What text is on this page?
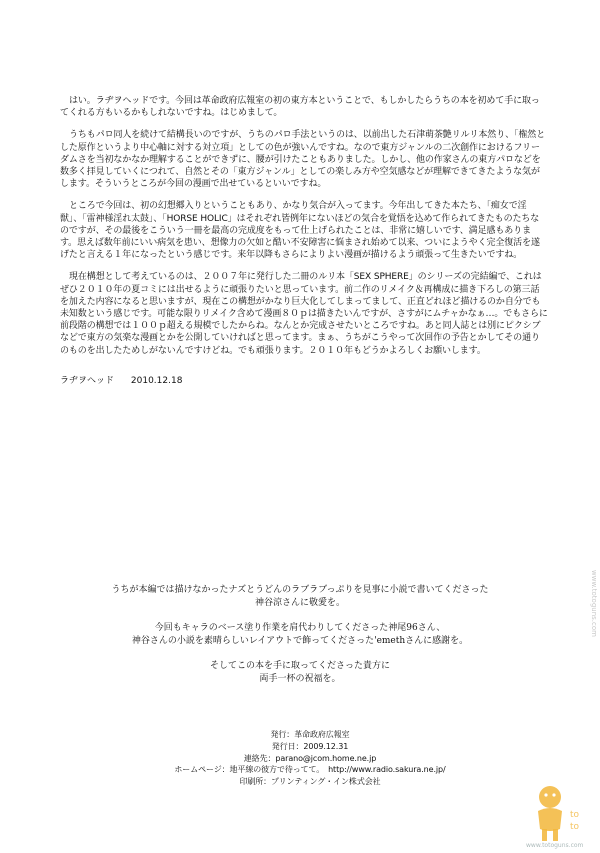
はい。ラヂヲヘッドです。今回は革命政府広報室の初の東方本ということで、もしかしたらうちの本を初めて手に取ってくれる方もいるかもしれないですね。はじめまして。

うちもパロ同人を続けて結構長いのですが、うちのパロ手法というのは、以前出した石津萌茶艶リルリ本然り、「権然とした原作というより中心軸に対する対立項」としての色が強いんですね。なので東方ジャンルの二次創作におけるフリーダムさを当初なかなか理解することができずに、腰が引けたこともありました。しかし、他の作家さんの東方パロなどを数多く拝見していくにつれて、自然とその「東方ジャンル」としての楽しみ方や空気感などが理解できてきたような気がします。そういうところが今回の漫画で出せているといいですね。

ところで今回は、初の幻想郷入りということもあり、かなり気合が入ってます。今年出してきた本たち、「痴女で淫獣」、「雷神様淫れ太鼓」、「HORSE HOLIC」はそれぞれ皆例年にないほどの気合を覚悟を込めて作られてきたものたちなのですが、その最後をこういう一冊を最高の完成度をもって仕上げられたことは、非常に嬉しいです、満足感もあります。思えば数年前にいい病気を患い、想像力の欠如と酷い不安障害に悩まされ始めて以来、ついにようやく完全復活を遂げたと言える１年になったという感じです。来年以降もさらによりよい漫画が描けるよう頑張って生きたいですね。

現在構想として考えているのは、２００７年に発行した二冊のルリ本「SEX SPHERE」のシリーズの完結編で、これはぜひ２０１０年の夏コミには出せるように頑張りたいと思っています。前二作のリメイク＆再構成に描き下ろしの第三話を加えた内容になると思いますが、現在この構想がかなり巨大化してしまってまして、正直どれほど描けるのか自分でも未知数という感じです。可能な限りリメイク含めて漫画８０ｐは描きたいんですが、さすがにムチャかなぁ…。でもさらに前段階の構想では１００ｐ超える規模でしたからね。なんとか完成させたいところですね。あと同人誌とは別にピクシブなどで東方の気楽な漫画とかを公開していければと思ってます。まぁ、うちがこうやって次回作の予告とかしてその通りのものを出したためしがないんですけどね。でも頑張ります。２０１０年もどうかよろしくお願いします。

ラヂヲヘッド 2010.12.18

うちが本編では描けなかったナズとうどんのラブラブっぷりを見事に小説で書いてくださった
神谷涼さんに敬愛を。

今回もキャラのベース塗り作業を肩代わりしてくださった神尾96さん、
神谷さんの小説を素晴らしいレイアウトで飾ってくださった'emethさんに感謝を。

そしてこの本を手に取ってくださった貴方に
両手一杯の祝福を。

発行：革命政府広報室
発行日：2009.12.31
連絡先：parano@jcom.home.ne.jp
ホームページ：地平線の彼方で待ってて。　http://www.radio.sakura.ne.jp/
印刷所：プリンティング・イン株式会社
www.totoguns.com
to
to
www.totoguns.com
